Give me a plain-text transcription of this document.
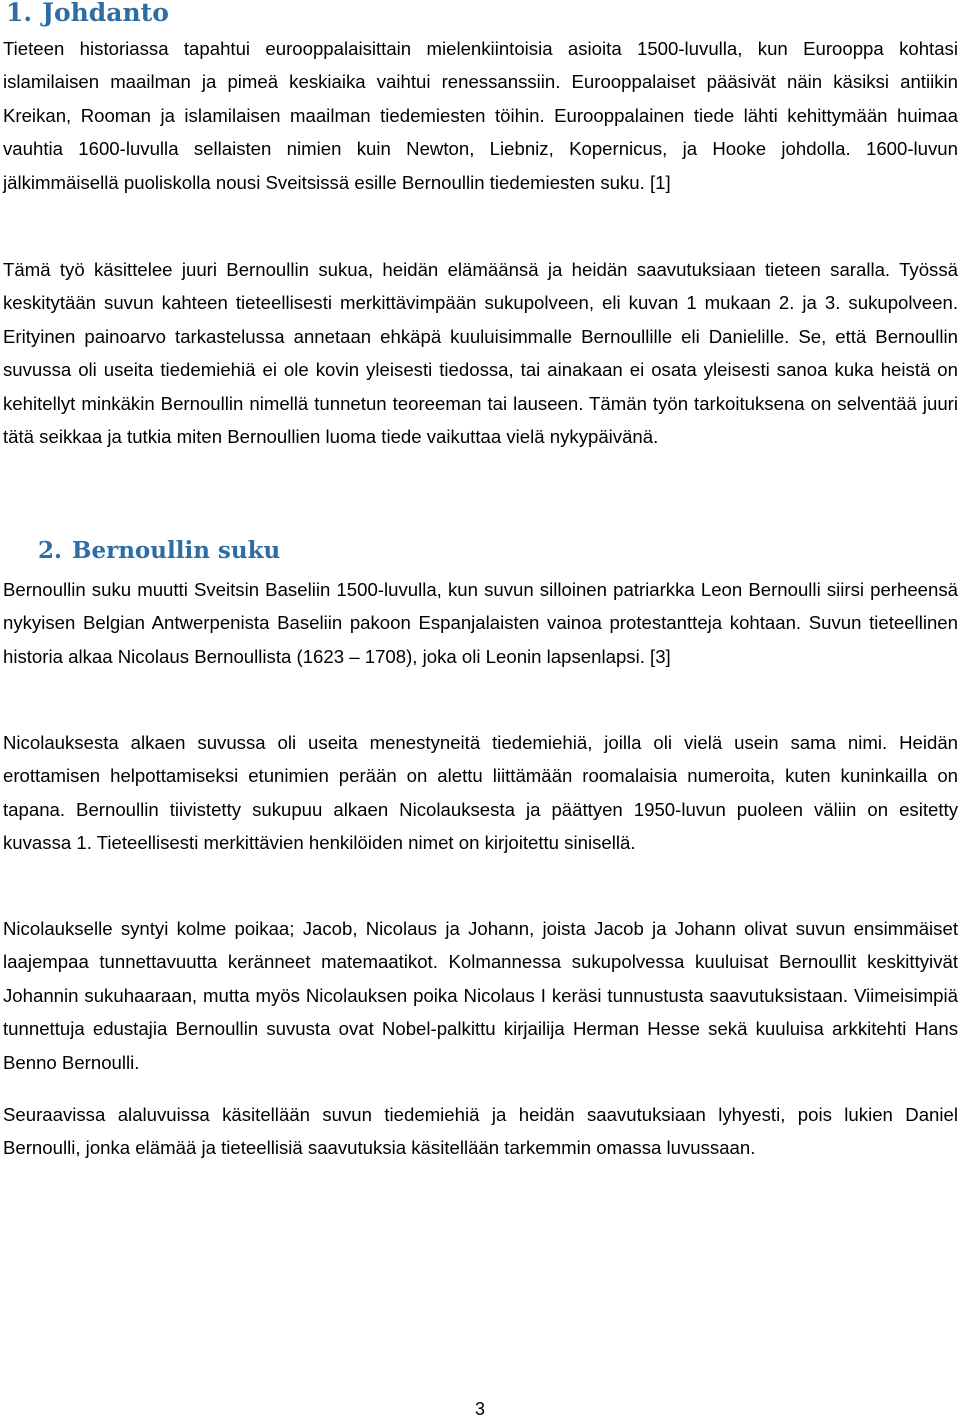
1. Johdanto

Tieteen historiassa tapahtui eurooppalaisittain mielenkiintoisia asioita 1500-luvulla, kun Eurooppa kohtasi islamilaisen maailman ja pimeä keskiaika vaihtui renessanssiin. Eurooppalaiset pääsivät näin käsiksi antiikin Kreikan, Rooman ja islamilaisen maailman tiedemiesten töihin. Eurooppalainen tiede lähti kehittymään huimaa vauhtia 1600-luvulla sellaisten nimien kuin Newton, Liebniz, Kopernicus, ja Hooke johdolla. 1600-luvun jälkimmäisellä puoliskolla nousi Sveitsissä esille Bernoullin tiedemiesten suku. [1]

Tämä työ käsittelee juuri Bernoullin sukua, heidän elämäänsä ja heidän saavutuksiaan tieteen saralla. Työssä keskitytään suvun kahteen tieteellisesti merkittävimpään sukupolveen, eli kuvan 1 mukaan 2. ja 3. sukupolveen. Erityinen painoarvo tarkastelussa annetaan ehkäpä kuuluisimmalle Bernoullille eli Danielille. Se, että Bernoullin suvussa oli useita tiedemiehiä ei ole kovin yleisesti tiedossa, tai ainakaan ei osata yleisesti sanoa kuka heistä on kehitellyt minkäkin Bernoullin nimellä tunnetun teoreeman tai lauseen. Tämän työn tarkoituksena on selventää juuri tätä seikkaa ja tutkia miten Bernoullien luoma tiede vaikuttaa vielä nykypäivänä.

2. Bernoullin suku

Bernoullin suku muutti Sveitsin Baseliin 1500-luvulla, kun suvun silloinen patriarkka Leon Bernoulli siirsi perheensä nykyisen Belgian Antwerpenista Baseliin pakoon Espanjalaisten vainoa protestantteja kohtaan. Suvun tieteellinen historia alkaa Nicolaus Bernoullista (1623 – 1708), joka oli Leonin lapsenlapsi. [3]

Nicolauksesta alkaen suvussa oli useita menestyneitä tiedemiehiä, joilla oli vielä usein sama nimi. Heidän erottamisen helpottamiseksi etunimien perään on alettu liittämään roomalaisia numeroita, kuten kuninkailla on tapana. Bernoullin tiivistetty sukupuu alkaen Nicolauksesta ja päättyen 1950-luvun puoleen väliin on esitetty kuvassa 1. Tieteellisesti merkittävien henkilöiden nimet on kirjoitettu sinisellä.

Nicolaukselle syntyi kolme poikaa; Jacob, Nicolaus ja Johann, joista Jacob ja Johann olivat suvun ensimmäiset laajempaa tunnettavuutta keränneet matemaatikot. Kolmannessa sukupolvessa kuuluisat Bernoullit keskittyivät Johannin sukuhaaraan, mutta myös Nicolauksen poika Nicolaus I keräsi tunnustusta saavutuksistaan. Viimeisimpiä tunnettuja edustajia Bernoullin suvusta ovat Nobel-palkittu kirjailija Herman Hesse sekä kuuluisa arkkitehti Hans Benno Bernoulli.

Seuraavissa alaluvuissa käsitellään suvun tiedemiehiä ja heidän saavutuksiaan lyhyesti, pois lukien Daniel Bernoulli, jonka elämää ja tieteellisiä saavutuksia käsitellään tarkemmin omassa luvussaan.

3
